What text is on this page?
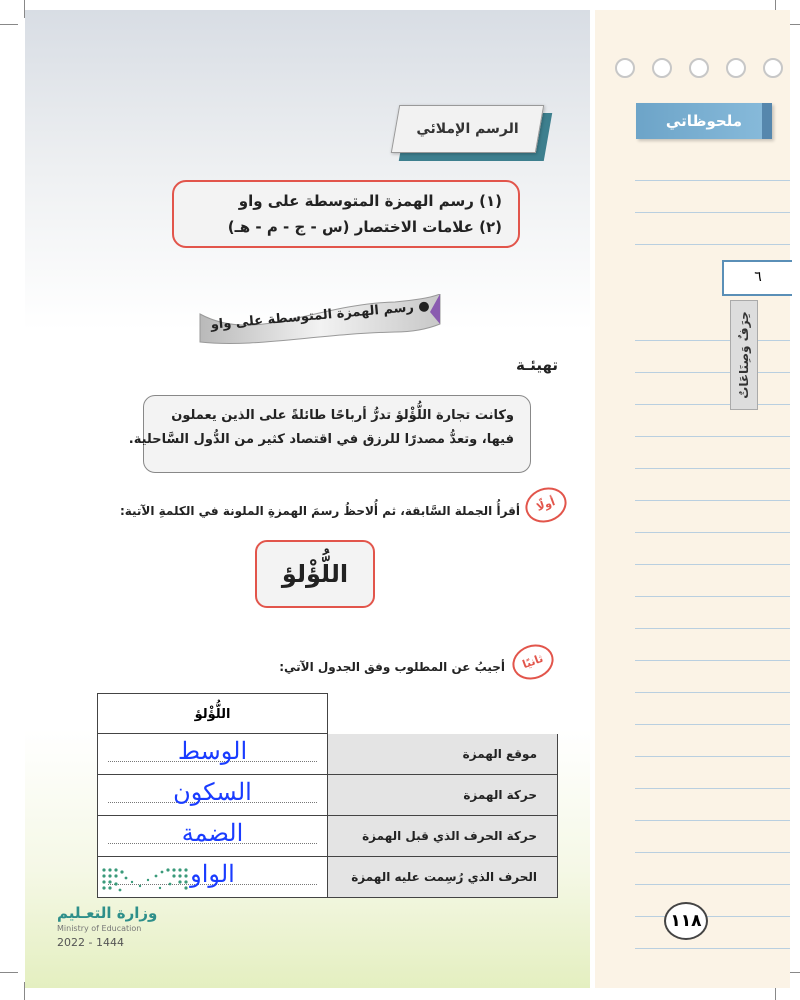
ملحوظاتي
٦
حِرَفٌ وَصِنَاعَاتٌ
١١٨
الرسم الإملائي
(١) رسم الهمزة المتوسطة على واو
(٢) علامات الاختصار (س - ج - م - هـ)
● رسم الهمزة المتوسطة على واو
تهيئـة
وكانت تجارة اللُّؤْلؤ تدرُّ أرباحًا طائلةً على الذين يعملون
فيها، وتعدُّ مصدرًا للرزق في اقتصاد كثير من الدُّول السَّاحلية.
أولًا
أقرأُ الجملة السَّابقة، ثم أُلاحظُ رسمَ الهمزةِ الملونة في الكلمةِ الآتية:
اللُّؤْلؤ
ثانيًا
أجيبُ عن المطلوب وفق الجدول الآتي:
اللُّؤْلؤ
الوسط	موقع الهمزة
السكون	حركة الهمزة
الضمة	حركة الحرف الذي قبل الهمزة
الواو	الحرف الذي رُسِمت عليه الهمزة
وزارة التعـليم
Ministry of Education
2022 - 1444
